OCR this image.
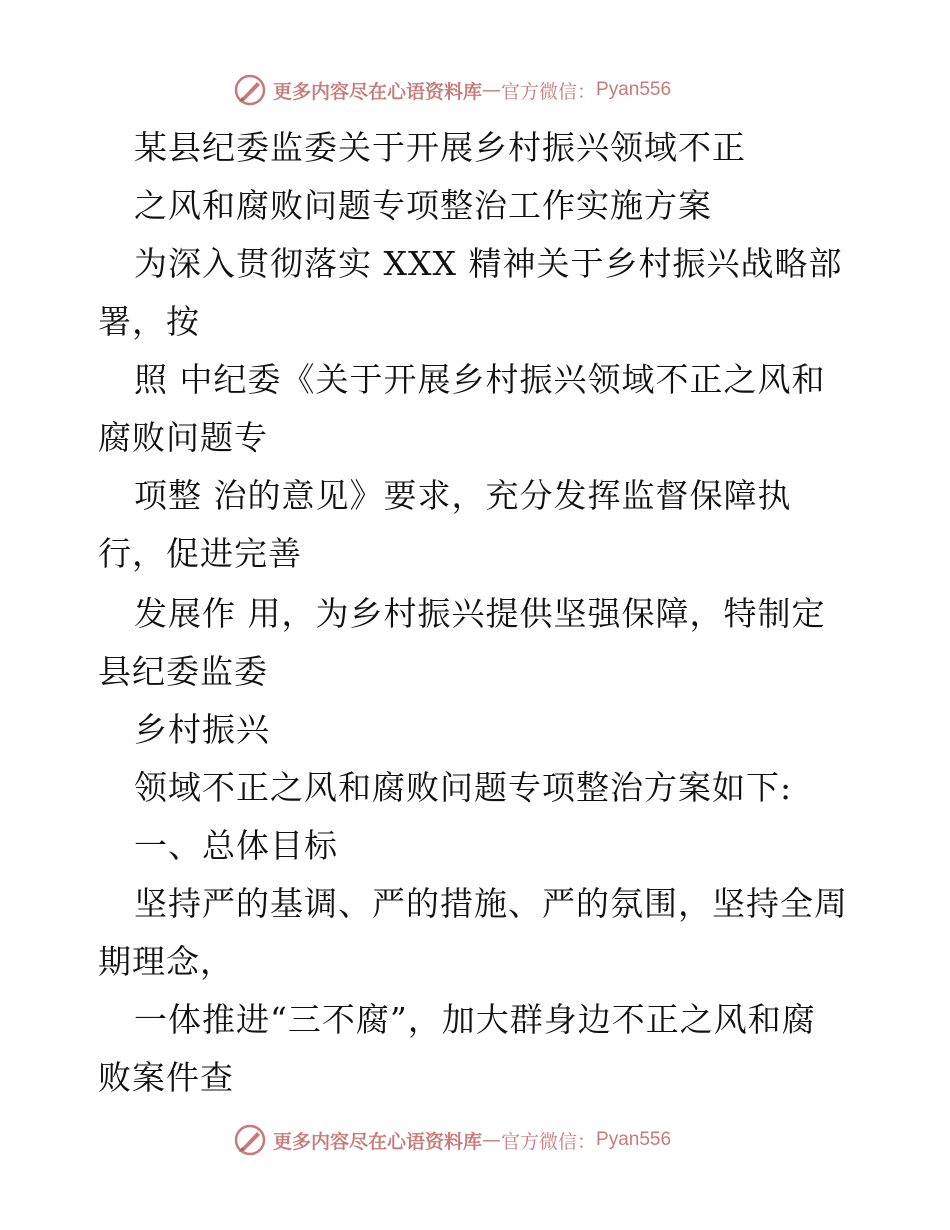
更多内容尽在心语资料库 — 官方微信： Pyan556
某县纪委监委关于开展乡村振兴领域不正
之风和腐败问题专项整治工作实施方案
为深入贯彻落实 XXX 精神关于乡村振兴战略部
署，按
照 中纪委《关于开展乡村振兴领域不正之风和
腐败问题专
项整 治的意见》要求，充分发挥监督保障执
行，促进完善
发展作 用，为乡村振兴提供坚强保障，特制定
县纪委监委
乡村振兴
领域不正之风和腐败问题专项整治方案如下:
一、总体目标
坚持严的基调、严的措施、严的氛围，坚持全周
期理念，
一体推进“三不腐”，加大群身边不正之风和腐
败案件查
更多内容尽在心语资料库 — 官方微信： Pyan556
